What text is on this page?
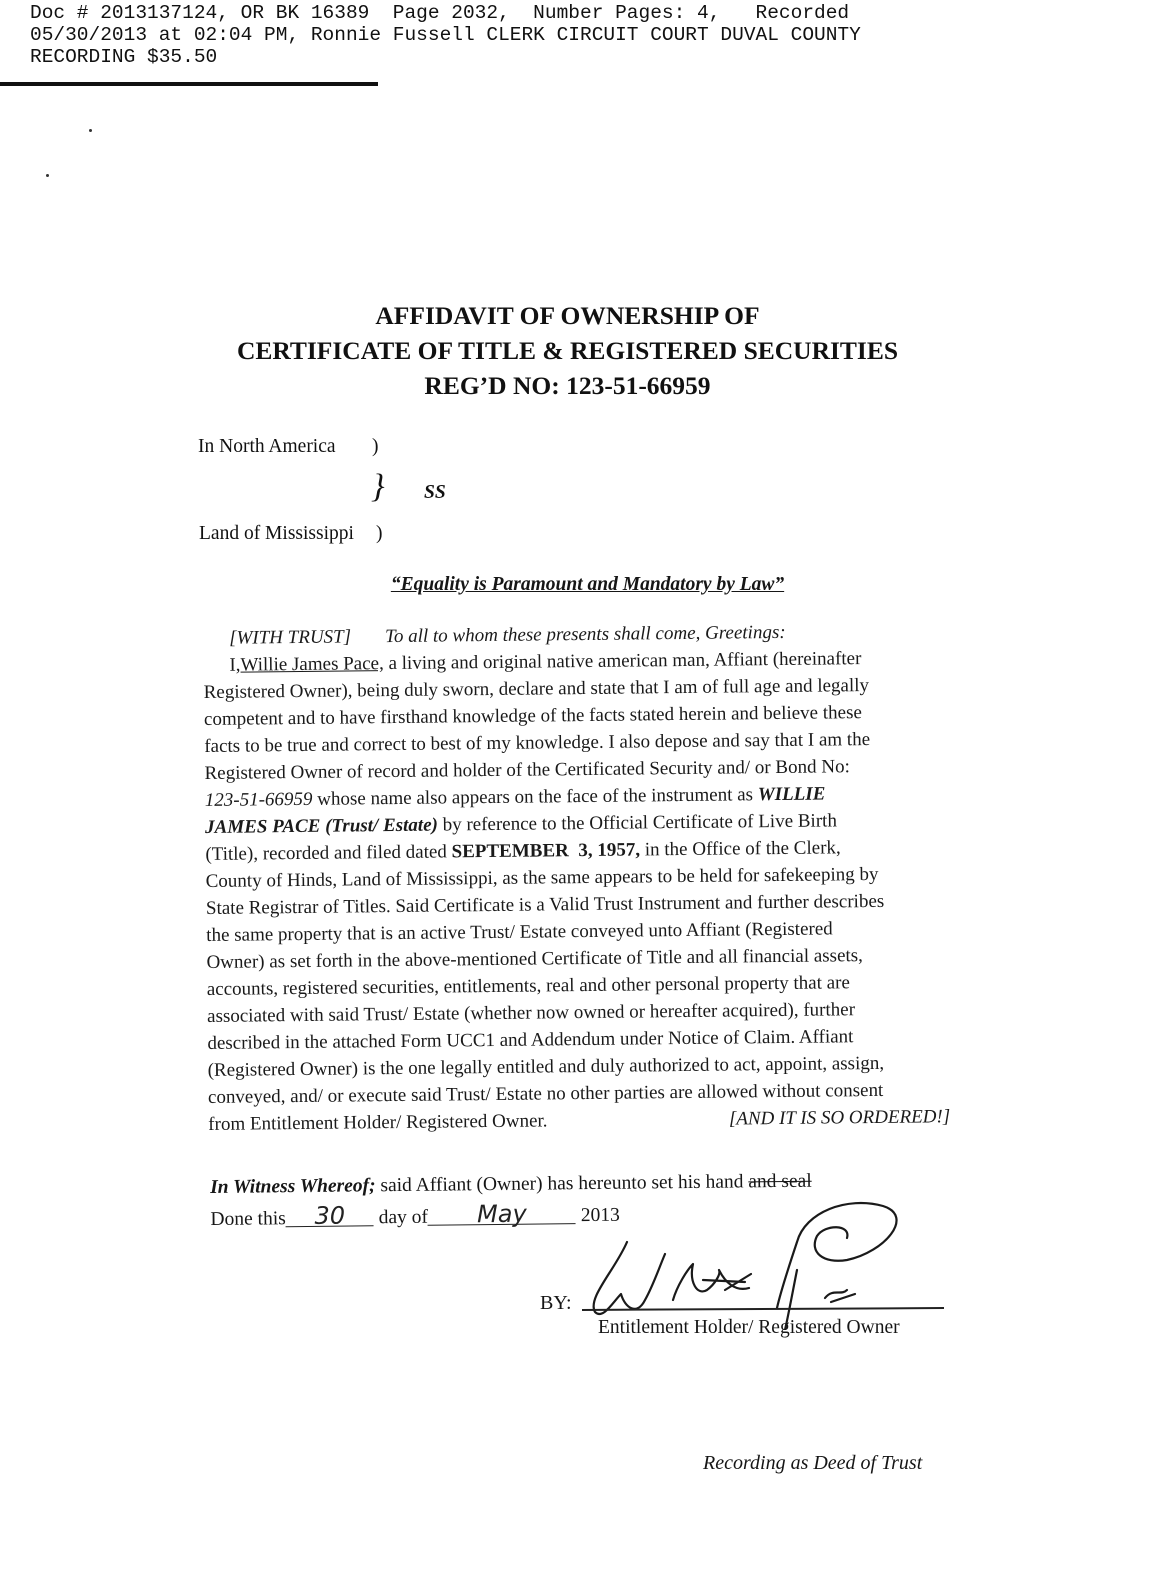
Doc # 2013137124, OR BK 16389  Page 2032,  Number Pages: 4,   Recorded
05/30/2013 at 02:04 PM, Ronnie Fussell CLERK CIRCUIT COURT DUVAL COUNTY
RECORDING $35.50
AFFIDAVIT OF OWNERSHIP OF
CERTIFICATE OF TITLE & REGISTERED SECURITIES
REG’D NO: 123-51-66959
In North America )
} SS
Land of Mississippi )
“Equality is Paramount and Mandatory by Law”
[WITH TRUST] To all to whom these presents shall come, Greetings:
I, Willie James Pace, a living and original native american man, Affiant (hereinafter
Registered Owner), being duly sworn, declare and state that I am of full age and legally
competent and to have firsthand knowledge of the facts stated herein and believe these
facts to be true and correct to best of my knowledge. I also depose and say that I am the
Registered Owner of record and holder of the Certificated Security and/ or Bond No:
123-51-66959 whose name also appears on the face of the instrument as WILLIE
JAMES PACE (Trust/ Estate) by reference to the Official Certificate of Live Birth
(Title), recorded and filed dated SEPTEMBER  3, 1957, in the Office of the Clerk,
County of Hinds, Land of Mississippi, as the same appears to be held for safekeeping by
State Registrar of Titles. Said Certificate is a Valid Trust Instrument and further describes
the same property that is an active Trust/ Estate conveyed unto Affiant (Registered
Owner) as set forth in the above-mentioned Certificate of Title and all financial assets,
accounts, registered securities, entitlements, real and other personal property that are
associated with said Trust/ Estate (whether now owned or hereafter acquired), further
described in the attached Form UCC1 and Addendum under Notice of Claim. Affiant
(Registered Owner) is the one legally entitled and duly authorized to act, appoint, assign,
conveyed, and/ or execute said Trust/ Estate no other parties are allowed without consent
from Entitlement Holder/ Registered Owner.	[AND IT IS SO ORDERED!]
In Witness Whereof; said Affiant (Owner) has hereunto set his hand and seal
Done this 30 day of May	2013
BY:
Entitlement Holder/ Registered Owner
Recording as Deed of Trust
